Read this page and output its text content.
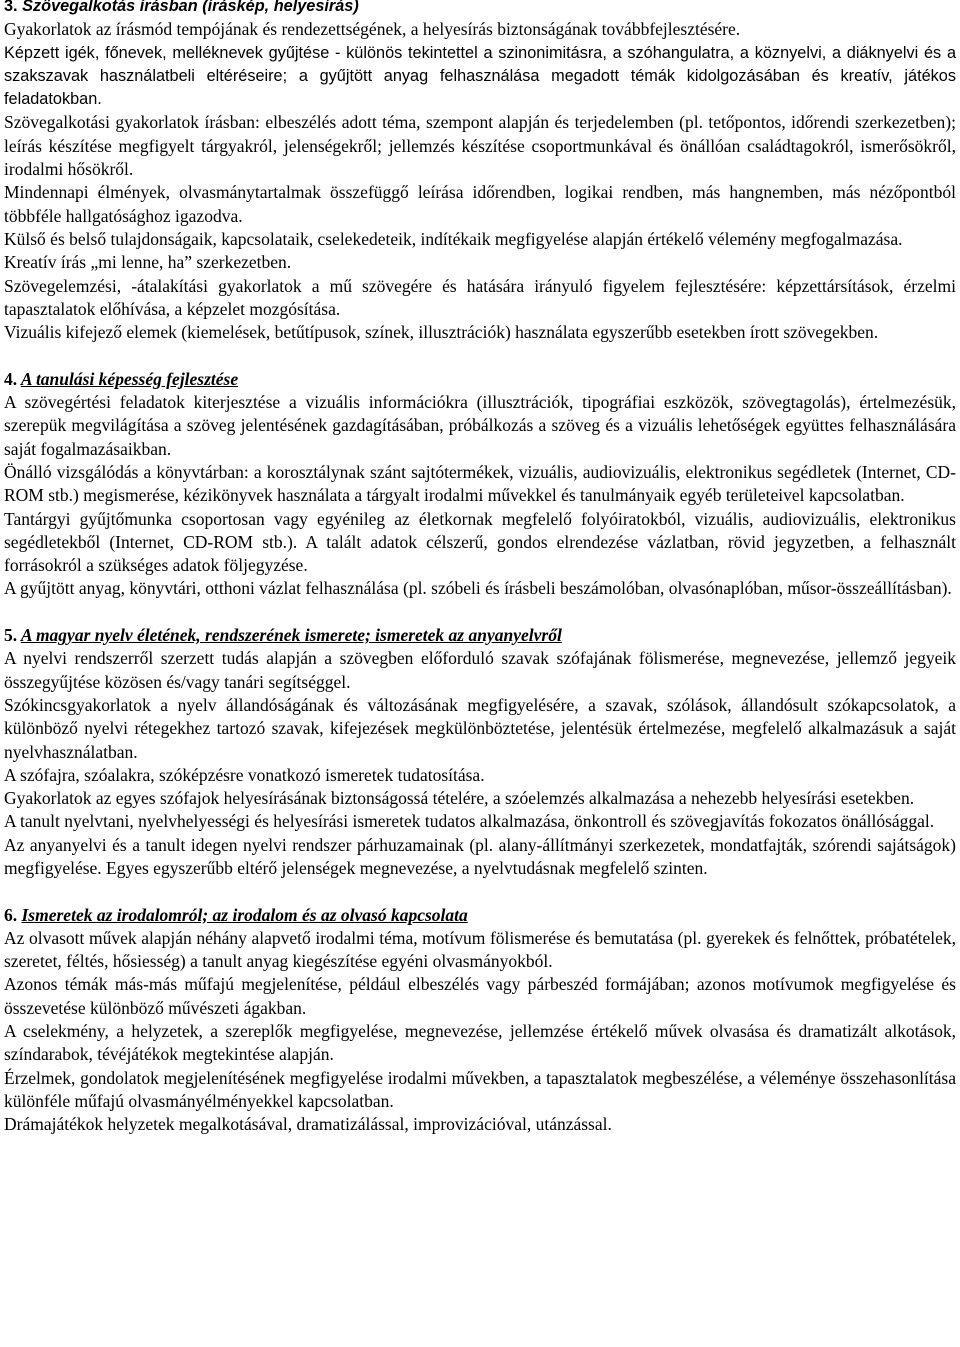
3. Szövegalkotás írásban (íráskép, helyesírás)

Gyakorlatok az írásmód tempójának és rendezettségének, a helyesírás biztonságának továbbfejlesztésére.

Képzett igék, főnevek, melléknevek gyűjtése - különös tekintettel a szinonimitásra, a szóhangulatra, a köznyelvi, a diáknyelvi és a szakszavak használatbeli eltéréseire; a gyűjtött anyag felhasználása megadott témák kidolgozásában és kreatív, játékos feladatokban.

Szövegalkotási gyakorlatok írásban: elbeszélés adott téma, szempont alapján és terjedelemben (pl. tetőpontos, időrendi szerkezetben); leírás készítése megfigyelt tárgyakról, jelenségekről; jellemzés készítése csoportmunkával és önállóan családtagokról, ismerősökről, irodalmi hősökről.

Mindennapi élmények, olvasmánytartalmak összefüggő leírása időrendben, logikai rendben, más hangnemben, más nézőpontból többféle hallgatósághoz igazodva.

Külső és belső tulajdonságaik, kapcsolataik, cselekedeteik, indítékaik megfigyelése alapján értékelő vélemény megfogalmazása.

Kreatív írás „mi lenne, ha” szerkezetben.

Szövegelemzési, -átalakítási gyakorlatok a mű szövegére és hatására irányuló figyelem fejlesztésére: képzettársítások, érzelmi tapasztalatok előhívása, a képzelet mozgósítása.

Vizuális kifejező elemek (kiemelések, betűtípusok, színek, illusztrációk) használata egyszerűbb esetekben írott szövegekben.

4. A tanulási képesség fejlesztése

A szövegértési feladatok kiterjesztése a vizuális információkra (illusztrációk, tipográfiai eszközök, szövegtagolás), értelmezésük, szerepük megvilágítása a szöveg jelentésének gazdagításában, próbálkozás a szöveg és a vizuális lehetőségek együttes felhasználására saját fogalmazásaikban.

Önálló vizsgálódás a könyvtárban: a korosztálynak szánt sajtótermékek, vizuális, audiovizuális, elektronikus segédletek (Internet, CD-ROM stb.) megismerése, kézikönyvek használata a tárgyalt irodalmi művekkel és tanulmányaik egyéb területeivel kapcsolatban.

Tantárgyi gyűjtőmunka csoportosan vagy egyénileg az életkornak megfelelő folyóiratokból, vizuális, audiovizuális, elektronikus segédletekből (Internet, CD-ROM stb.). A talált adatok célszerű, gondos elrendezése vázlatban, rövid jegyzetben, a felhasznált forrásokról a szükséges adatok följegyzése.

A gyűjtött anyag, könyvtári, otthoni vázlat felhasználása (pl. szóbeli és írásbeli beszámolóban, olvasónaplóban, műsor-összeállításban).

5. A magyar nyelv életének, rendszerének ismerete; ismeretek az anyanyelvről

A nyelvi rendszerről szerzett tudás alapján a szövegben előforduló szavak szófajának fölismerése, megnevezése, jellemző jegyeik összegyűjtése közösen és/vagy tanári segítséggel.

Szókincsgyakorlatok a nyelv állandóságának és változásának megfigyelésére, a szavak, szólások, állandósult szókapcsolatok, a különböző nyelvi rétegekhez tartozó szavak, kifejezések megkülönböztetése, jelentésük értelmezése, megfelelő alkalmazásuk a saját nyelvhasználatban.

A szófajra, szóalakra, szóképzésre vonatkozó ismeretek tudatosítása.

Gyakorlatok az egyes szófajok helyesírásának biztonságossá tételére, a szóelemzés alkalmazása a nehezebb helyesírási esetekben.

A tanult nyelvtani, nyelvhelyességi és helyesírási ismeretek tudatos alkalmazása, önkontroll és szövegjavítás fokozatos önállósággal.

Az anyanyelvi és a tanult idegen nyelvi rendszer párhuzamainak (pl. alany-állítmányi szerkezetek, mondatfajták, szórendi sajátságok) megfigyelése. Egyes egyszerűbb eltérő jelenségek megnevezése, a nyelvtudásnak megfelelő szinten.

6. Ismeretek az irodalomról; az irodalom és az olvasó kapcsolata

Az olvasott művek alapján néhány alapvető irodalmi téma, motívum fölismerése és bemutatása (pl. gyerekek és felnőttek, próbatételek, szeretet, féltés, hősiesség) a tanult anyag kiegészítése egyéni olvasmányokból.

Azonos témák más-más műfajú megjelenítése, például elbeszélés vagy párbeszéd formájában; azonos motívumok megfigyelése és összevetése különböző művészeti ágakban.

A cselekmény, a helyzetek, a szereplők megfigyelése, megnevezése, jellemzése értékelő művek olvasása és dramatizált alkotások, színdarabok, tévéjátékok megtekintése alapján.

Érzelmek, gondolatok megjelenítésének megfigyelése irodalmi művekben, a tapasztalatok megbeszélése, a véleménye összehasonlítása különféle műfajú olvasmányélményekkel kapcsolatban.

Drámajátékok helyzetek megalkotásával, dramatizálással, improvizációval, utánzással.
